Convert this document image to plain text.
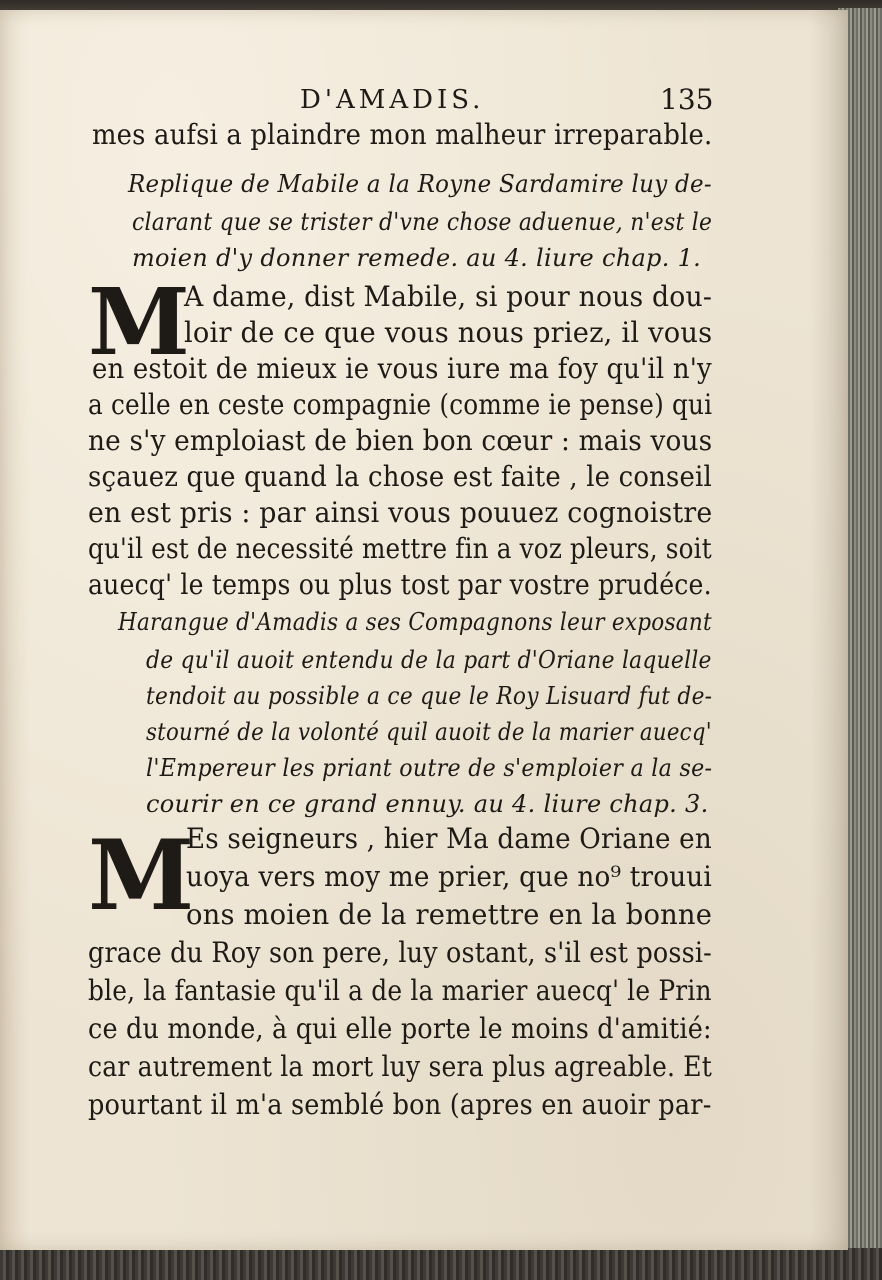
D'AMADIS.	135
mes aufsi a plaindre mon malheur irreparable.
Replique de Mabile a la Royne Sardamire luy de-
clarant que se trister d'vne chose aduenue, n'est le
moien d'y donner remede. au 4. liure chap. 1.
M
A dame, dist Mabile, si pour nous dou-
loir de ce que vous nous priez, il vous
en estoit de mieux ie vous iure ma foy qu'il n'y
a celle en ceste compagnie (comme ie pense) qui
ne s'y emploiast de bien bon cœur : mais vous
sçauez que quand la chose est faite , le conseil
en est pris : par ainsi vous pouuez cognoistre
qu'il est de necessité mettre fin a voz pleurs, soit
auecq' le temps ou plus tost par vostre prudéce.
Harangue d'Amadis a ses Compagnons leur exposant
de qu'il auoit entendu de la part d'Oriane laquelle
tendoit au possible a ce que le Roy Lisuard fut de-
stourné de la volonté quil auoit de la marier auecq'
l'Empereur les priant outre de s'emploier a la se-
courir en ce grand ennuy. au 4. liure chap. 3.
M
Es seigneurs , hier Ma dame Oriane en
uoya vers moy me prier, que no⁹ trouui
ons moien de la remettre en la bonne
grace du Roy son pere, luy ostant, s'il est possi-
ble, la fantasie qu'il a de la marier auecq' le Prin
ce du monde, à qui elle porte le moins d'amitié:
car autrement la mort luy sera plus agreable. Et
pourtant il m'a semblé bon (apres en auoir par-
